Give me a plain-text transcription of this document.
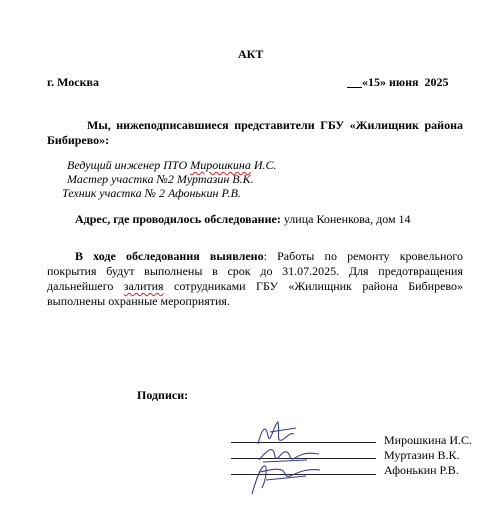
АКТ
г. Москва	«15» июня  2025
Мы, нижеподписавшиеся представители ГБУ «Жилищник района Бибирево»:
Ведущий инженер ПТО Мирошкина И.С.
Мастер участка №2 Муртазин В.К.
Техник участка № 2 Афонькин Р.В.
Адрес, где проводилось обследование: улица Коненкова, дом 14
В ходе обследования выявлено: Работы по ремонту кровельного покрытия будут выполнены в срок до 31.07.2025. Для предотвращения дальнейшего залития сотрудниками ГБУ «Жилищник района Бибирево» выполнены охранные мероприятия.
Подписи:
Мирошкина И.С.
Муртазин В.К.
Афонькин Р.В.
